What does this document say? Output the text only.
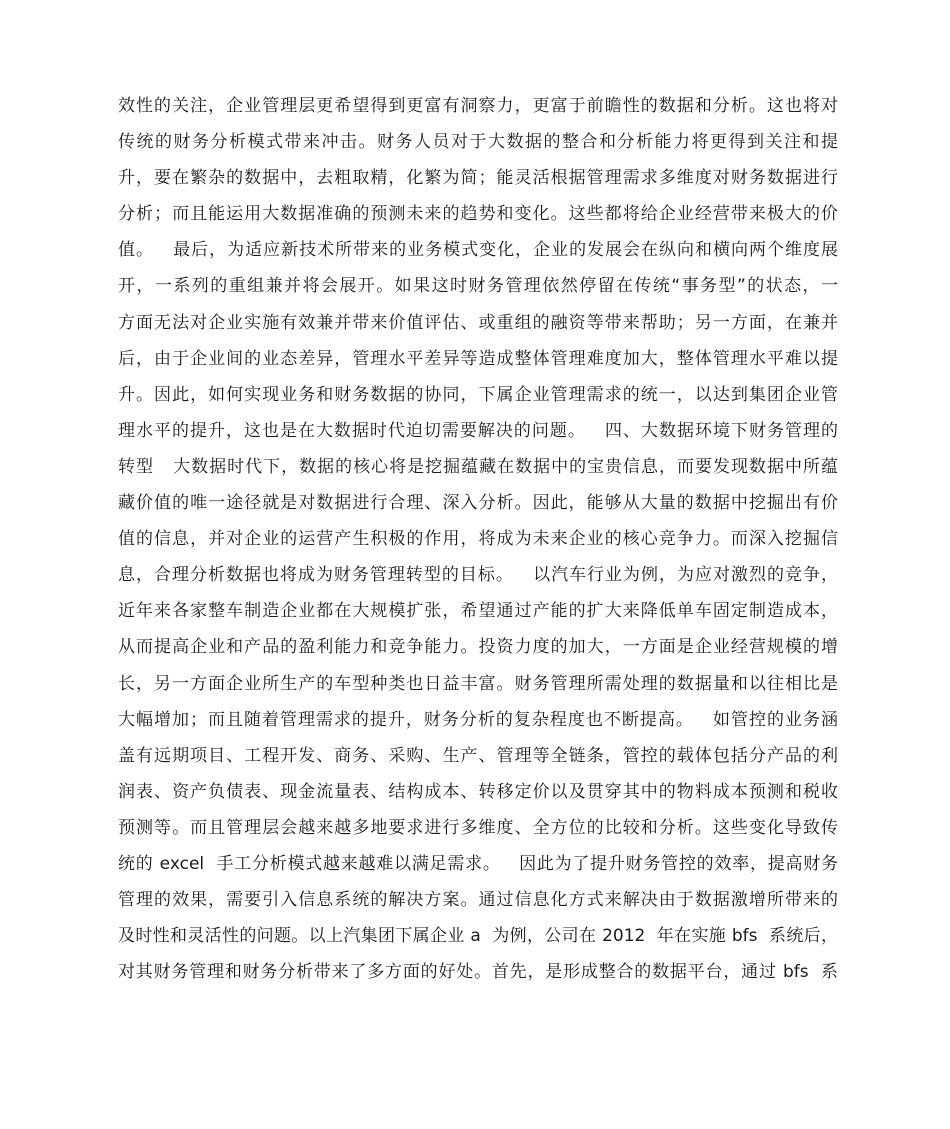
效性的关注，企业管理层更希望得到更富有洞察力，更富于前瞻性的数据和分析。这也将对
传统的财务分析模式带来冲击。财务人员对于大数据的整合和分析能力将更得到关注和提
升，要在繁杂的数据中，去粗取精，化繁为简；能灵活根据管理需求多维度对财务数据进行
分析；而且能运用大数据准确的预测未来的趋势和变化。这些都将给企业经营带来极大的价
值。   最后，为适应新技术所带来的业务模式变化，企业的发展会在纵向和横向两个维度展
开，一系列的重组兼并将会展开。如果这时财务管理依然停留在传统“事务型”的状态，一
方面无法对企业实施有效兼并带来价值评估、或重组的融资等带来帮助；另一方面，在兼并
后，由于企业间的业态差异，管理水平差异等造成整体管理难度加大，整体管理水平难以提
升。因此，如何实现业务和财务数据的协同，下属企业管理需求的统一，以达到集团企业管
理水平的提升，这也是在大数据时代迫切需要解决的问题。   四、大数据环境下财务管理的
转型   大数据时代下，数据的核心将是挖掘蕴藏在数据中的宝贵信息，而要发现数据中所蕴
藏价值的唯一途径就是对数据进行合理、深入分析。因此，能够从大量的数据中挖掘出有价
值的信息，并对企业的运营产生积极的作用，将成为未来企业的核心竞争力。而深入挖掘信
息，合理分析数据也将成为财务管理转型的目标。   以汽车行业为例，为应对激烈的竞争，
近年来各家整车制造企业都在大规模扩张，希望通过产能的扩大来降低单车固定制造成本，
从而提高企业和产品的盈利能力和竞争能力。投资力度的加大，一方面是企业经营规模的增
长，另一方面企业所生产的车型种类也日益丰富。财务管理所需处理的数据量和以往相比是
大幅增加；而且随着管理需求的提升，财务分析的复杂程度也不断提高。   如管控的业务涵
盖有远期项目、工程开发、商务、采购、生产、管理等全链条，管控的载体包括分产品的利
润表、资产负债表、现金流量表、结构成本、转移定价以及贯穿其中的物料成本预测和税收
预测等。而且管理层会越来越多地要求进行多维度、全方位的比较和分析。这些变化导致传
统的 excel  手工分析模式越来越难以满足需求。   因此为了提升财务管控的效率，提高财务
管理的效果，需要引入信息系统的解决方案。通过信息化方式来解决由于数据激增所带来的
及时性和灵活性的问题。以上汽集团下属企业 a  为例，公司在 2012  年在实施 bfs  系统后，
对其财务管理和财务分析带来了多方面的好处。首先，是形成整合的数据平台，通过 bfs  系
